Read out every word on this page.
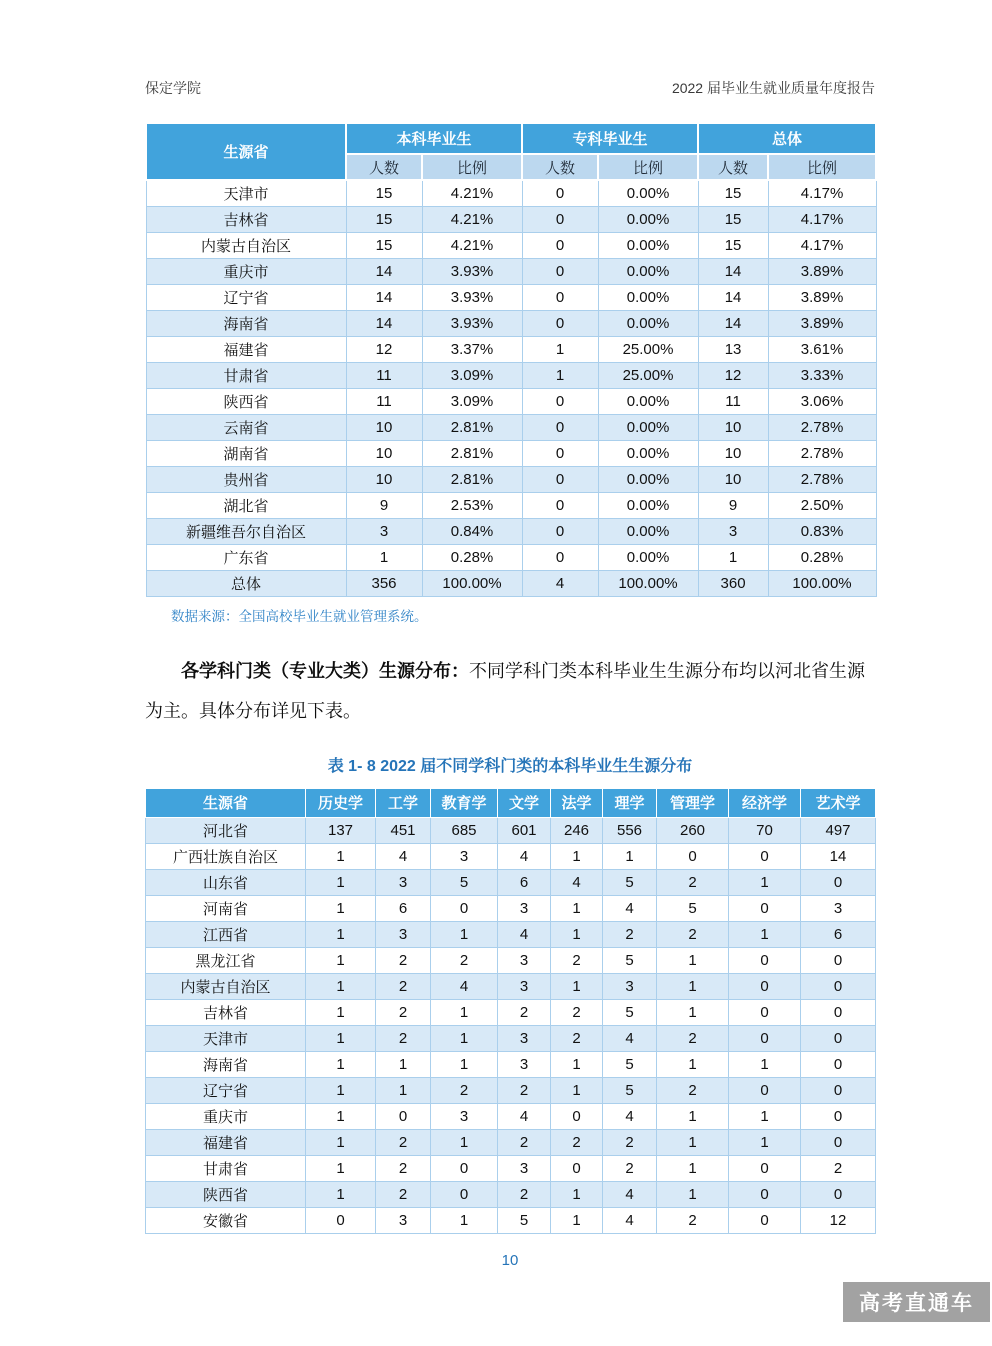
保定学院	2022 届毕业生就业质量年度报告
生源省	本科毕业生		专科毕业生		总体	
	人数	比例	人数	比例	人数	比例
天津市	15	4.21%	0	0.00%	15	4.17%
吉林省	15	4.21%	0	0.00%	15	4.17%
内蒙古自治区	15	4.21%	0	0.00%	15	4.17%
重庆市	14	3.93%	0	0.00%	14	3.89%
辽宁省	14	3.93%	0	0.00%	14	3.89%
海南省	14	3.93%	0	0.00%	14	3.89%
福建省	12	3.37%	1	25.00%	13	3.61%
甘肃省	11	3.09%	1	25.00%	12	3.33%
陕西省	11	3.09%	0	0.00%	11	3.06%
云南省	10	2.81%	0	0.00%	10	2.78%
湖南省	10	2.81%	0	0.00%	10	2.78%
贵州省	10	2.81%	0	0.00%	10	2.78%
湖北省	9	2.53%	0	0.00%	9	2.50%
新疆维吾尔自治区	3	0.84%	0	0.00%	3	0.83%
广东省	1	0.28%	0	0.00%	1	0.28%
总体	356	100.00%	4	100.00%	360	100.00%
数据来源：全国高校毕业生就业管理系统。

各学科门类（专业大类）生源分布：不同学科门类本科毕业生生源分布均以河北省生源为主。具体分布详见下表。

表 1- 8 2022 届不同学科门类的本科毕业生生源分布
生源省	历史学	工学	教育学	文学	法学	理学	管理学	经济学	艺术学
河北省	137	451	685	601	246	556	260	70	497
广西壮族自治区	1	4	3	4	1	1	0	0	14
山东省	1	3	5	6	4	5	2	1	0
河南省	1	6	0	3	1	4	5	0	3
江西省	1	3	1	4	1	2	2	1	6
黑龙江省	1	2	2	3	2	5	1	0	0
内蒙古自治区	1	2	4	3	1	3	1	0	0
吉林省	1	2	1	2	2	5	1	0	0
天津市	1	2	1	3	2	4	2	0	0
海南省	1	1	1	3	1	5	1	1	0
辽宁省	1	1	2	2	1	5	2	0	0
重庆市	1	0	3	4	0	4	1	1	0
福建省	1	2	1	2	2	2	1	1	0
甘肃省	1	2	0	3	0	2	1	0	2
陕西省	1	2	0	2	1	4	1	0	0
安徽省	0	3	1	5	1	4	2	0	12
10
高考直通车
